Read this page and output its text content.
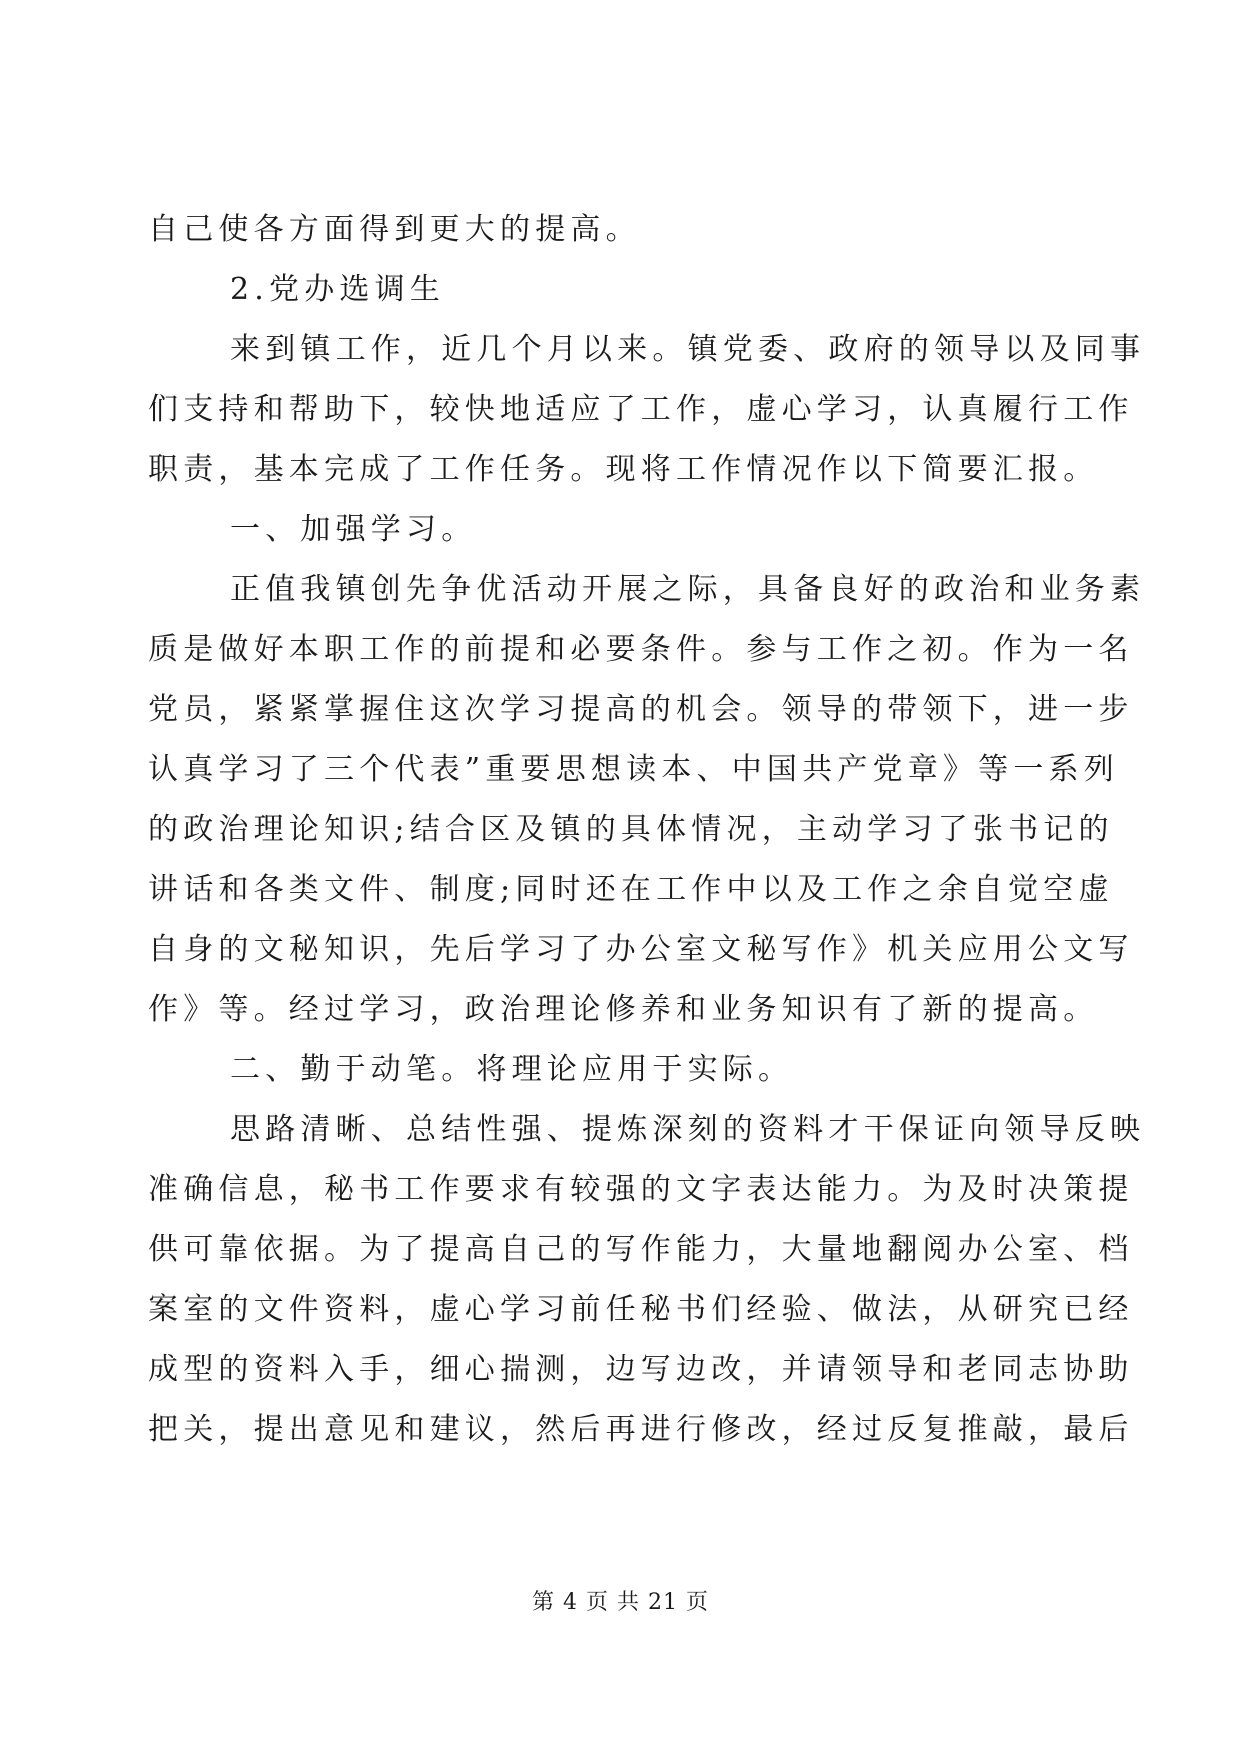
自己使各方面得到更大的提高。
2.党办选调生
来到镇工作，近几个月以来。镇党委、政府的领导以及同事
们支持和帮助下，较快地适应了工作，虚心学习，认真履行工作
职责，基本完成了工作任务。现将工作情况作以下简要汇报。
一、加强学习。
正值我镇创先争优活动开展之际，具备良好的政治和业务素
质是做好本职工作的前提和必要条件。参与工作之初。作为一名
党员，紧紧掌握住这次学习提高的机会。领导的带领下，进一步
认真学习了三个代表”重要思想读本、中国共产党章》等一系列
的政治理论知识;结合区及镇的具体情况，主动学习了张书记的
讲话和各类文件、制度;同时还在工作中以及工作之余自觉空虚
自身的文秘知识，先后学习了办公室文秘写作》机关应用公文写
作》等。经过学习，政治理论修养和业务知识有了新的提高。
二、勤于动笔。将理论应用于实际。
思路清晰、总结性强、提炼深刻的资料才干保证向领导反映
准确信息，秘书工作要求有较强的文字表达能力。为及时决策提
供可靠依据。为了提高自己的写作能力，大量地翻阅办公室、档
案室的文件资料，虚心学习前任秘书们经验、做法，从研究已经
成型的资料入手，细心揣测，边写边改，并请领导和老同志协助
把关，提出意见和建议，然后再进行修改，经过反复推敲，最后
第 4 页 共 21 页
